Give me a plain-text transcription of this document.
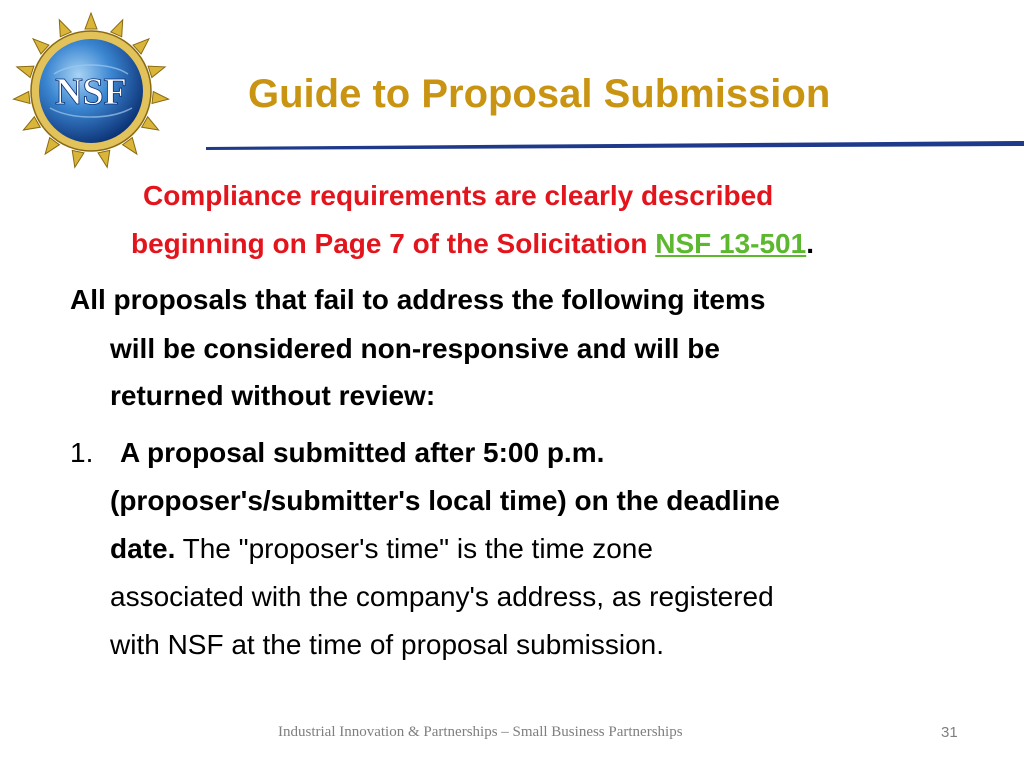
NSF	Guide to Proposal Submission
Compliance requirements are clearly described
beginning on Page 7 of the Solicitation NSF 13-501.
All proposals that fail to address the following items
will be considered non-responsive and will be
returned without review:
1. A proposal submitted after 5:00 p.m.
(proposer's/submitter's local time) on the deadline
date. The "proposer's time" is the time zone
associated with the company's address, as registered
with NSF at the time of proposal submission.
Industrial Innovation & Partnerships – Small Business Partnerships	31
